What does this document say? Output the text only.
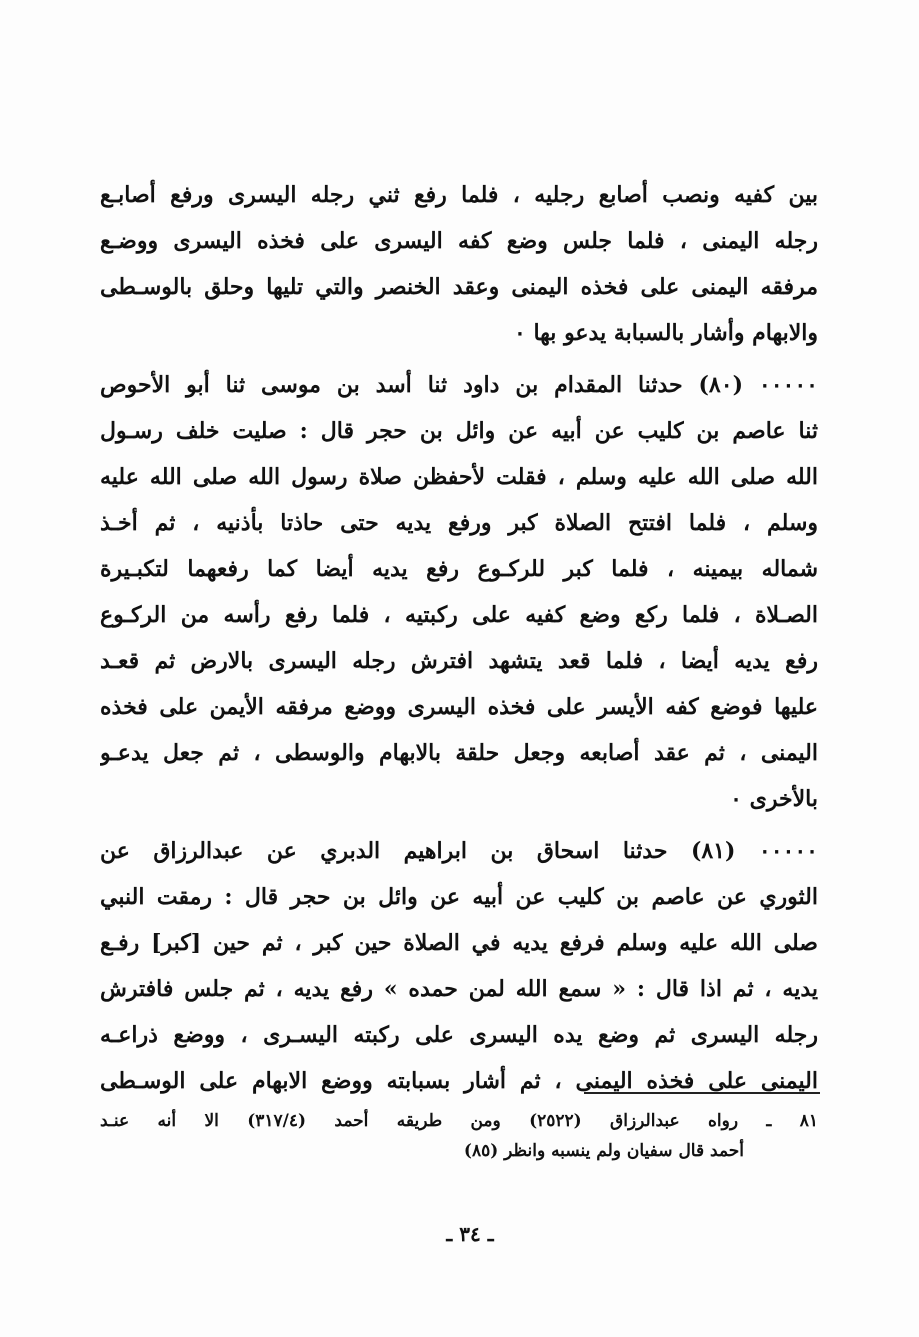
بين كفيه ونصب أصابع رجليه ، فلما رفع ثني رجله اليسرى ورفع أصابـع
رجله اليمنى ، فلما جلس وضع كفه اليسرى على فخذه اليسرى ووضـع
مرفقه اليمنى على فخذه اليمنى وعقد الخنصر والتي تليها وحلق بالوسـطى
والابهام وأشار بالسبابة يدعو بها ٠
٠٠٠٠٠ (٨٠) حدثنا المقدام بن داود ثنا أسد بن موسى ثنا أبو الأحوص
ثنا عاصم بن كليب عن أبيه عن وائل بن حجر قال : صليت خلف رسـول
الله صلى الله عليه وسلم ، فقلت لأحفظن صلاة رسول الله صلى الله عليه
وسلم ، فلما افتتح الصلاة كبر ورفع يديه حتى حاذتا بأذنيه ، ثم أخـذ
شماله بيمينه ، فلما كبر للركـوع رفع يديه أيضا كما رفعهما لتكبـيرة
الصـلاة ، فلما ركع وضع كفيه على ركبتيه ، فلما رفع رأسه من الركـوع
رفع يديه أيضا ، فلما قعد يتشهد افترش رجله اليسرى بالارض ثم قعـد
عليها فوضع كفه الأيسر على فخذه اليسرى ووضع مرفقه الأيمن على فخذه
اليمنى ، ثم عقد أصابعه وجعل حلقة بالابهام والوسطى ، ثم جعل يدعـو
بالأخرى ٠
٠٠٠٠٠ (٨١) حدثنا اسحاق بن ابراهيم الدبري عن عبدالرزاق عن
الثوري عن عاصم بن كليب عن أبيه عن وائل بن حجر قال : رمقت النبي
صلى الله عليه وسلم فرفع يديه في الصلاة حين كبر ، ثم حين [كبر] رفـع
يديه ، ثم اذا قال : « سمع الله لمن حمده » رفع يديه ، ثم جلس فافترش
رجله اليسرى ثم وضع يده اليسرى على ركبته اليسـرى ، ووضع ذراعـه
اليمنى على فخذه اليمنى ، ثم أشار بسبابته ووضع الابهام على الوسـطى
٨١ ـ رواه عبدالرزاق (٢٥٢٢) ومن طريقه أحمد (٣١٧/٤) الا أنه عنـد
أحمد قال سفيان ولم ينسبه وانظر (٨٥)
ـ ٣٤ ـ
